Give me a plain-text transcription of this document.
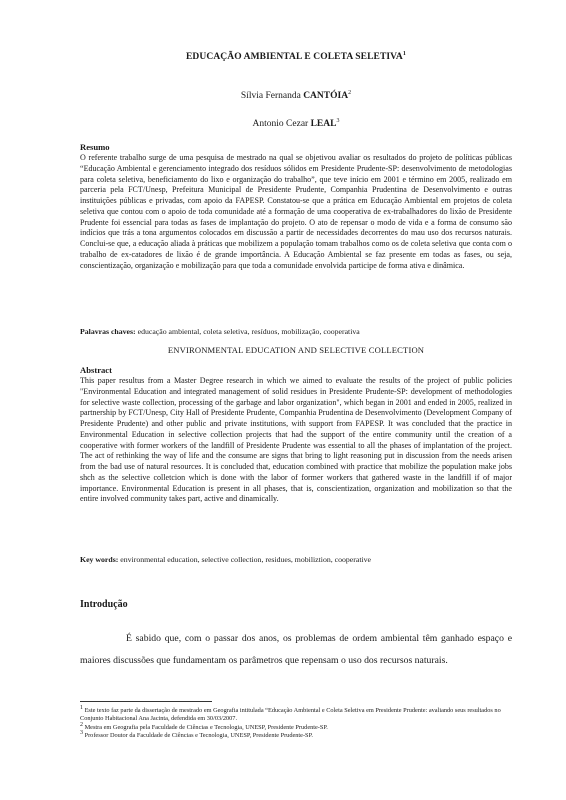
EDUCAÇÃO AMBIENTAL E COLETA SELETIVA$^1$
Sílvia Fernanda CANTÓIA$^2$
Antonio Cezar LEAL$^3$
Resumo
O referente trabalho surge de uma pesquisa de mestrado na qual se objetivou avaliar os resultados do projeto de políticas públicas “Educação Ambiental e gerenciamento integrado dos resíduos sólidos em Presidente Prudente-SP: desenvolvimento de metodologias para coleta seletiva, beneficiamento do lixo e organização do trabalho”, que teve início em 2001 e término em 2005, realizado em parceria pela FCT/Unesp, Prefeitura Municipal de Presidente Prudente, Companhia Prudentina de Desenvolvimento e outras instituições públicas e privadas, com apoio da FAPESP. Constatou-se que a prática em Educação Ambiental em projetos de coleta seletiva que contou com o apoio de toda comunidade até a formação de uma cooperativa de ex-trabalhadores do lixão de Presidente Prudente foi essencial para todas as fases de implantação do projeto. O ato de repensar o modo de vida e a forma de consumo são indícios que trás a tona argumentos colocados em discussão a partir de necessidades decorrentes do mau uso dos recursos naturais. Conclui-se que, a educação aliada à práticas que mobilizem a população tomam trabalhos como os de coleta seletiva que conta com o trabalho de ex-catadores de lixão é de grande importância. A Educação Ambiental se faz presente em todas as fases, ou seja, conscientização, organização e mobilização para que toda a comunidade envolvida participe de forma ativa e dinâmica.
Palavras chaves: educação ambiental, coleta seletiva, resíduos, mobilização, cooperativa
ENVIRONMENTAL EDUCATION AND SELECTIVE COLLECTION
Abstract
This paper resultus from a Master Degree research in which we aimed to evaluate the results of the project of public policies "Environmental Education and integrated management of solid residues in Presidente Prudente-SP: development of methodologies for selective waste collection, processing of the garbage and labor organization", which began in 2001 and ended in 2005, realized in partnership by FCT/Unesp, City Hall of Presidente Prudente, Companhia Prudentina de Desenvolvimento (Development Company of Presidente Prudente) and other public and private institutions, with support from FAPESP. It was concluded that the practice in Environmental Education in selective collection projects that had the support of the entire community until the creation of a cooperative with former workers of the landfill of Presidente Prudente was essential to all the phases of implantation of the project. The act of rethinking the way of life and the consume are signs that bring to light reasoning put in discussion from the needs arisen from the bad use of natural resources. It is concluded that, education combined with practice that mobilize the population make jobs shch as the selective colletcion which is done with the labor of former workers that gathered waste in the landfill if of major importance. Environmental Education is present in all phases, that is, conscientization, organization and mobilization so that the entire involved community takes part, active and dinamically.
Key words: environmental education, selective collection, residues, mobiliztion, cooperative
Introdução
É sabido que, com o passar dos anos, os problemas de ordem ambiental têm ganhado espaço e maiores discussões que fundamentam os parâmetros que repensam o uso dos recursos naturais.
$^1$ Este texto faz parte da dissertação de mestrado em Geografia intitulada “Educação Ambiental e Coleta Seletiva em Presidente Prudente: avaliando seus resultados no Conjunto Habitacional Ana Jacinta, defendida em 30/03/2007.
$^2$ Mestra em Geografia pela Faculdade de Ciências e Tecnologia, UNESP, Presidente Prudente-SP.
$^3$ Professor Doutor da Faculdade de Ciências e Tecnologia, UNESP, Presidente Prudente-SP.
